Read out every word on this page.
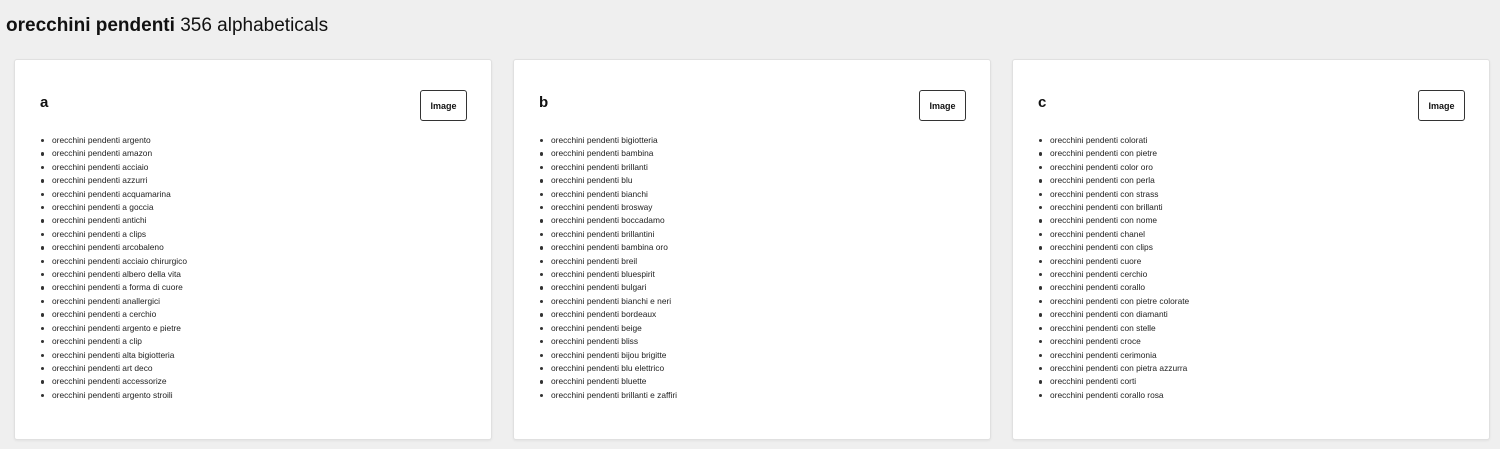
orecchini pendenti 356 alphabeticals
a	Image
orecchini pendenti argento
orecchini pendenti amazon
orecchini pendenti acciaio
orecchini pendenti azzurri
orecchini pendenti acquamarina
orecchini pendenti a goccia
orecchini pendenti antichi
orecchini pendenti a clips
orecchini pendenti arcobaleno
orecchini pendenti acciaio chirurgico
orecchini pendenti albero della vita
orecchini pendenti a forma di cuore
orecchini pendenti anallergici
orecchini pendenti a cerchio
orecchini pendenti argento e pietre
orecchini pendenti a clip
orecchini pendenti alta bigiotteria
orecchini pendenti art deco
orecchini pendenti accessorize
orecchini pendenti argento stroili
b	Image
orecchini pendenti bigiotteria
orecchini pendenti bambina
orecchini pendenti brillanti
orecchini pendenti blu
orecchini pendenti bianchi
orecchini pendenti brosway
orecchini pendenti boccadamo
orecchini pendenti brillantini
orecchini pendenti bambina oro
orecchini pendenti breil
orecchini pendenti bluespirit
orecchini pendenti bulgari
orecchini pendenti bianchi e neri
orecchini pendenti bordeaux
orecchini pendenti beige
orecchini pendenti bliss
orecchini pendenti bijou brigitte
orecchini pendenti blu elettrico
orecchini pendenti bluette
orecchini pendenti brillanti e zaffiri
c	Image
orecchini pendenti colorati
orecchini pendenti con pietre
orecchini pendenti color oro
orecchini pendenti con perla
orecchini pendenti con strass
orecchini pendenti con brillanti
orecchini pendenti con nome
orecchini pendenti chanel
orecchini pendenti con clips
orecchini pendenti cuore
orecchini pendenti cerchio
orecchini pendenti corallo
orecchini pendenti con pietre colorate
orecchini pendenti con diamanti
orecchini pendenti con stelle
orecchini pendenti croce
orecchini pendenti cerimonia
orecchini pendenti con pietra azzurra
orecchini pendenti corti
orecchini pendenti corallo rosa
